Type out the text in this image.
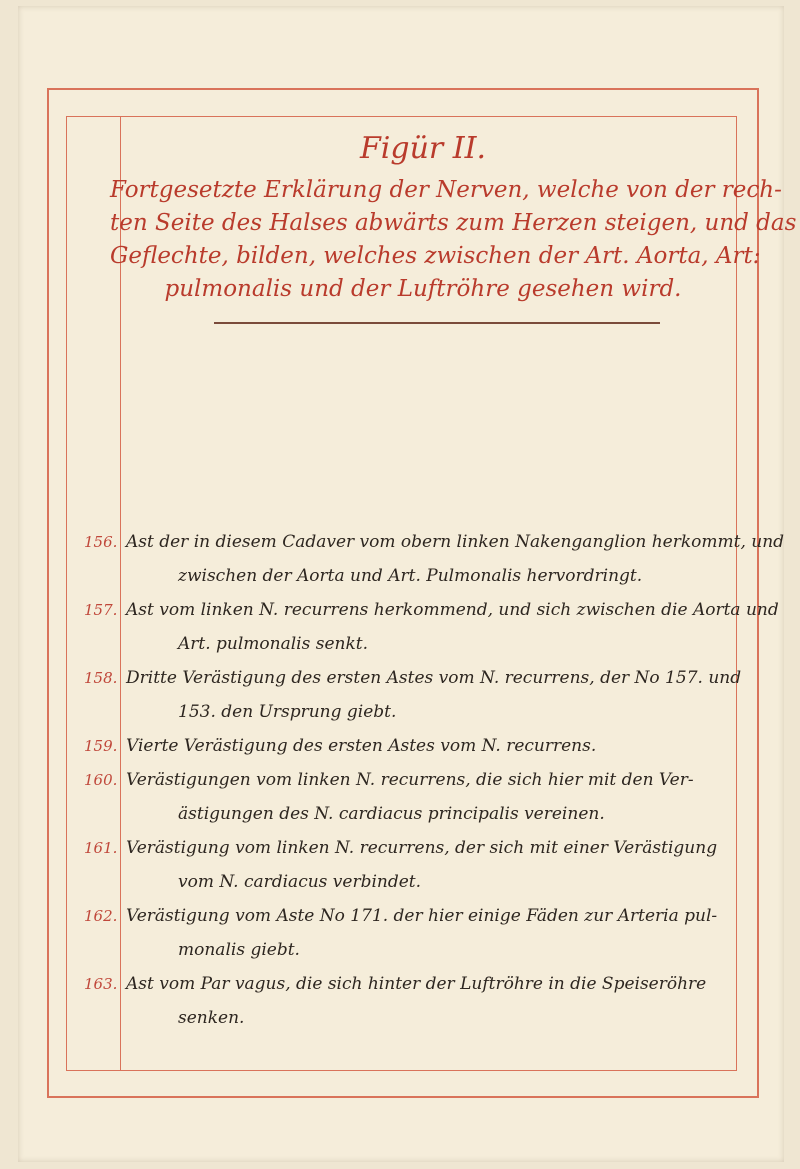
Figür II.
Fortgesetzte Erklärung der Nerven, welche von der rech-
ten Seite des Halses abwärts zum Herzen steigen, und das
Geflechte, bilden, welches zwischen der Art. Aorta, Art:
pulmonalis und der Luftröhre gesehen wird.
156. Ast der in diesem Cadaver vom obern linken Nakenganglion herkommt, und
zwischen der Aorta und Art. Pulmonalis hervordringt.
157. Ast vom linken N. recurrens herkommend, und sich zwischen die Aorta und
Art. pulmonalis senkt.
158. Dritte Verästigung des ersten Astes vom N. recurrens, der No 157. und
153. den Ursprung giebt.
159. Vierte Verästigung des ersten Astes vom N. recurrens.
160. Verästigungen vom linken N. recurrens, die sich hier mit den Ver-
ästigungen des N. cardiacus principalis vereinen.
161. Verästigung vom linken N. recurrens, der sich mit einer Verästigung
vom N. cardiacus verbindet.
162. Verästigung vom Aste No 171. der hier einige Fäden zur Arteria pul-
monalis giebt.
163. Ast vom Par vagus, die sich hinter der Luftröhre in die Speiseröhre
senken.
